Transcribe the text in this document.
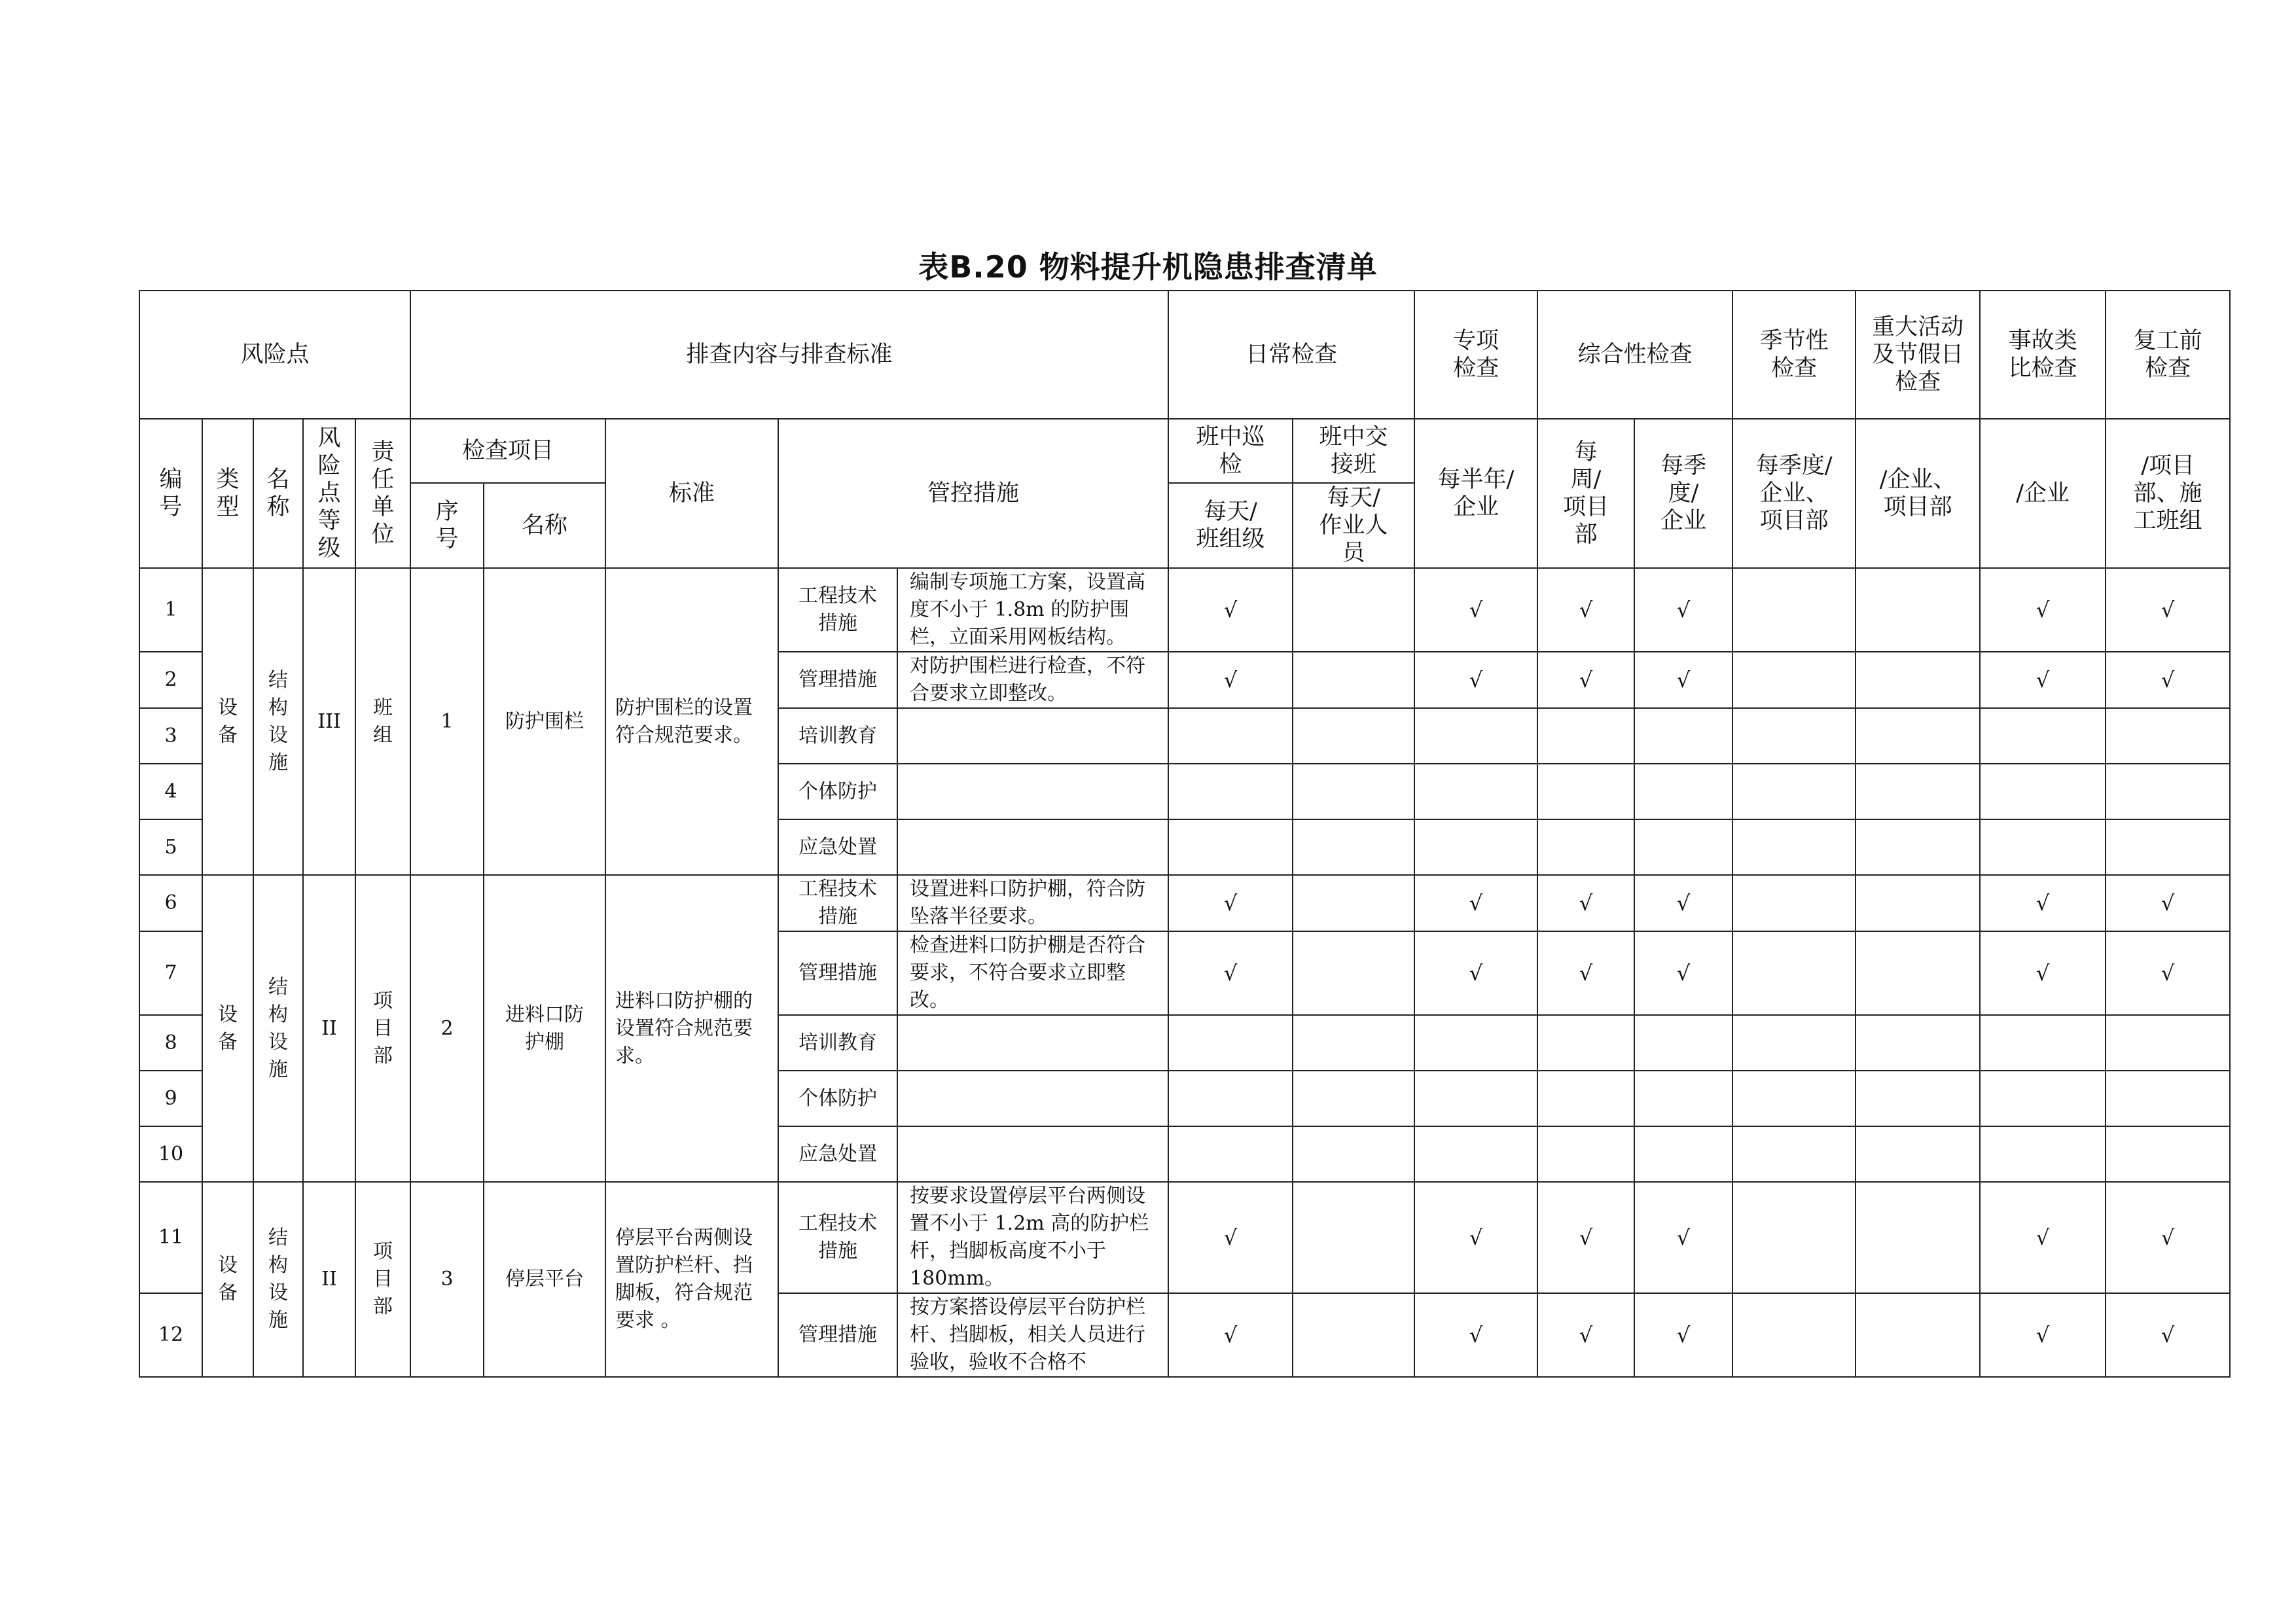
表B.20 物料提升机隐患排查清单
风险点					排查内容与排查标准					日常检查		专项检查	综合性检查		季节性检查	重大活动及节假日检查	事故类比检查	复工前检查
编号	类型	名称	风险点等级	责任单位	检查项目		标准	管控措施		班中巡检	班中交接班	每半年/企业	每周/项目部	每季度/企业	每季度/企业、项目部	/企业、项目部	/企业	/项目部、施工班组
					序号	名称				每天/班组级	每天/作业人员							
1	设备	结构设施	III	班组	1	防护围栏	防护围栏的设置符合规范要求。	工程技术措施	编制专项施工方案，设置高度不小于 1.8m 的防护围栏，立面采用网板结构。	√		√	√	√			√	√
2								管理措施	对防护围栏进行检查，不符合要求立即整改。	√		√	√	√			√	√
3								培训教育										
4								个体防护										
5								应急处置										
6	设备	结构设施	II	项目部	2	进料口防护棚	进料口防护棚的设置符合规范要求。	工程技术措施	设置进料口防护棚，符合防坠落半径要求。	√		√	√	√			√	√
7								管理措施	检查进料口防护棚是否符合要求，不符合要求立即整改。	√		√	√	√			√	√
8								培训教育										
9								个体防护										
10								应急处置										
11	设备	结构设施	II	项目部	3	停层平台	停层平台两侧设置防护栏杆、挡脚板，符合规范要求 。	工程技术措施	按要求设置停层平台两侧设置不小于 1.2m 高的防护栏杆，挡脚板高度不小于180mm。	√		√	√	√			√	√
12								管理措施	按方案搭设停层平台防护栏杆、挡脚板，相关人员进行验收，验收不合格不	√		√	√	√			√	√
